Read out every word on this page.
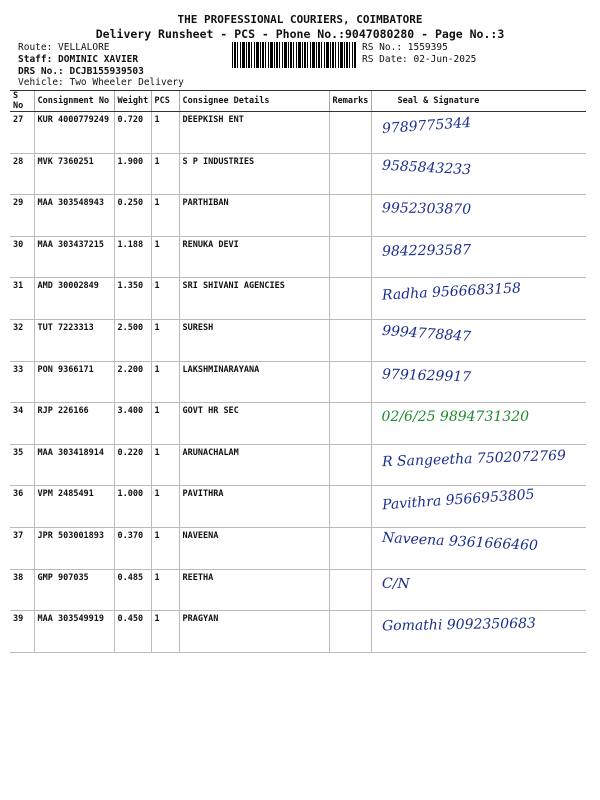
THE PROFESSIONAL COURIERS, COIMBATORE
Delivery Runsheet - PCS - Phone No.:9047080280 - Page No.:3
Route: VELLALORE
Staff: DOMINIC XAVIER
DRS No.: DCJB155939503
Vehicle: Two Wheeler Delivery
RS No.: 1559395
RS Date: 02-Jun-2025
S No	Consignment No	Weight	PCS	Consignee Details	Remarks	Seal & Signature
27	KUR 4000779249	0.720	1	DEEPKISH ENT		9789775344

28	MVK 7360251	1.900	1	S P INDUSTRIES		9585843233

29	MAA 303548943	0.250	1	PARTHIBAN		9952303870

30	MAA 303437215	1.188	1	RENUKA DEVI		9842293587

31	AMD 30002849	1.350	1	SRI SHIVANI AGENCIES		Radha 9566683158

32	TUT 7223313	2.500	1	SURESH		9994778847

33	PON 9366171	2.200	1	LAKSHMINARAYANA		9791629917

34	RJP 226166	3.400	1	GOVT HR SEC		02/6/25 9894731320

35	MAA 303418914	0.220	1	ARUNACHALAM		R Sangeetha 7502072769

36	VPM 2485491	1.000	1	PAVITHRA		Pavithra 9566953805

37	JPR 503001893	0.370	1	NAVEENA		Naveena 9361666460

38	GMP 907035	0.485	1	REETHA		C/N

39	MAA 303549919	0.450	1	PRAGYAN		Gomathi 9092350683
